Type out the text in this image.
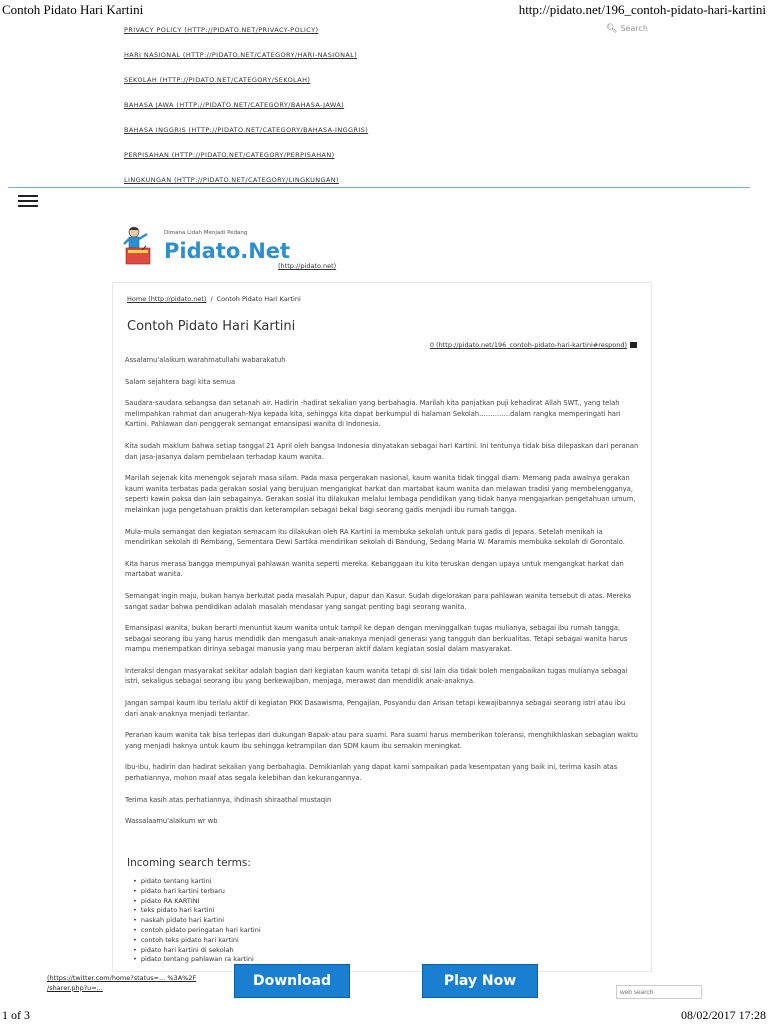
Contoh Pidato Hari Kartini	http://pidato.net/196_contoh-pidato-hari-kartini
PRIVACY POLICY (HTTP://PIDATO.NET/PRIVACY-POLICY)
HARI NASIONAL (HTTP://PIDATO.NET/CATEGORY/HARI-NASIONAL)
SEKOLAH (HTTP://PIDATO.NET/CATEGORY/SEKOLAH)
BAHASA JAWA (HTTP://PIDATO.NET/CATEGORY/BAHASA-JAWA)
BAHASA INGGRIS (HTTP://PIDATO.NET/CATEGORY/BAHASA-INGGRIS)
PERPISAHAN (HTTP://PIDATO.NET/CATEGORY/PERPISAHAN)
LINGKUNGAN (HTTP://PIDATO.NET/CATEGORY/LINGKUNGAN)
🔍︎ Search
Dimana Lidah Menjadi Pedang
Pidato.Net
(http://pidato.net)
Home (http://pidato.net) / Contoh Pidato Hari Kartini
Contoh Pidato Hari Kartini
0 (http://pidato.net/196_contoh-pidato-hari-kartini#respond)

Assalamu'alaikum warahmatullahi wabarakatuh

Salam sejahtera bagi kita semua

Saudara-saudara sebangsa dan setanah air. Hadirin -hadirat sekalian yang berbahagia. Marilah kita panjatkan puji kehadirat Allah SWT., yang telah melimpahkan rahmat dan anugerah-Nya kepada kita, sehingga kita dapat berkumpul di halaman Sekolah…………..dalam rangka memperingati hari Kartini. Pahlawan dan penggerak semangat emansipasi wanita di Indonesia.

Kita sudah maklum bahwa setiap tanggal 21 April oleh bangsa Indonesia dinyatakan sebagai hari Kartini. Ini tentunya tidak bisa dilepaskan dari peranan dan jasa-jasanya dalam pembelaan terhadap kaum wanita.

Marilah sejenak kita menengok sejarah masa silam. Pada masa pergerakan nasional, kaum wanita tidak tinggal diam. Memang pada awalnya gerakan kaum wanita terbatas pada gerakan sosial yang berujuan mengangkat harkat dan martabat kaum wanita dan melawan tradisi yang membelengganya, seperti kawin paksa dan lain sebagainya. Gerakan sosial itu dilakukan melalui lembaga pendidikan yang tidak hanya mengajarkan pengetahuan umum, melainkan juga pengetahuan praktis dan keterampilan sebagai bekal bagi seorang gadis menjadi ibu rumah tangga.

Mula-mula semangat dan kegiatan semacam itu dilakukan oleh RA Kartini ia membuka sekolah untuk para gadis di Jepara. Setelah menikah ia mendirikan sekolah di Rembang, Sementara Dewi Sartika mendirikan sekolah di Bandung, Sedang Maria W. Maramis membuka sekolah di Gorontalo.

Kita harus merasa bangga mempunyai pahlawan wanita seperti mereka. Kebanggaan itu kita teruskan dengan upaya untuk mengangkat harkat dan martabat wanita.

Semangat ingin maju, bukan hanya berkutat pada masalah Pupur, dapur dan Kasur. Sudah digelorakan para pahlawan wanita tersebut di atas. Mereka sangat sadar bahwa pendidikan adalah masalah mendasar yang sangat penting bagi seorang wanita.

Emansipasi wanita, bukan berarti menuntut kaum wanita untuk tampil ke depan dengan meninggalkan tugas mulianya, sebagai ibu rumah tangga, sebagai seorang ibu yang harus mendidik dan mengasuh anak-anaknya menjadi generasi yang tangguh dan berkualitas. Tetapi sebagai wanita harus mampu menempatkan dirinya sebagai manusia yang mau berperan aktif dalam kegiatan sosial dalam masyarakat.

Interaksi dengan masyarakat sekitar adalah bagian dari kegiatan kaum wanita tetapi di sisi lain dia tidak boleh mengabaikan tugas mulianya sebagai istri, sekaligus sebagai seorang ibu yang berkewajiban, menjaga, merawat dan mendidik anak-anaknya.

Jangan sampai kaum ibu terlalu aktif di kegiatan PKK Dasawisma, Pengajian, Posyandu dan Arisan tetapi kewajibannya sebagai seorang istri atau ibu dari anak-anaknya menjadi terlantar.

Peranan kaum wanita tak bisa terlepas dari dukungan Bapak-atau para suami. Para suami harus memberikan toleransi, menghikhlaskan sebagian waktu yang menjadi haknya untuk kaum ibu sehingga ketrampilan dan SDM kaum ibu semakin meningkat.

Ibu-ibu, hadirin dan hadirat sekalian yang berbahagia. Demikianlah yang dapat kami sampaikan pada kesempatan yang baik ini, terima kasih atas perhatiannya, mohon maaf atas segala kelebihan dan kekurangannya.

Terima kasih atas perhatiannya, ihdinash shiraathal mustaqin

Wassalaamu'alaikum wr wb

Incoming search terms:
• pidato tentang kartini
• pidato hari kartini terbaru
• pidato RA KARTINI
• teks pidato hari kartini
• naskah pidato hari kartini
• contoh pidato peringatan hari kartini
• contoh teks pidato hari kartini
• pidato hari kartini di sekolah
• pidato tentang pahlawan ra kartini
(https://twitter.com/home?status=... %3A%2F /sharer.php?u=...	Download	Play Now
web search
1 of 3	08/02/2017 17:28
